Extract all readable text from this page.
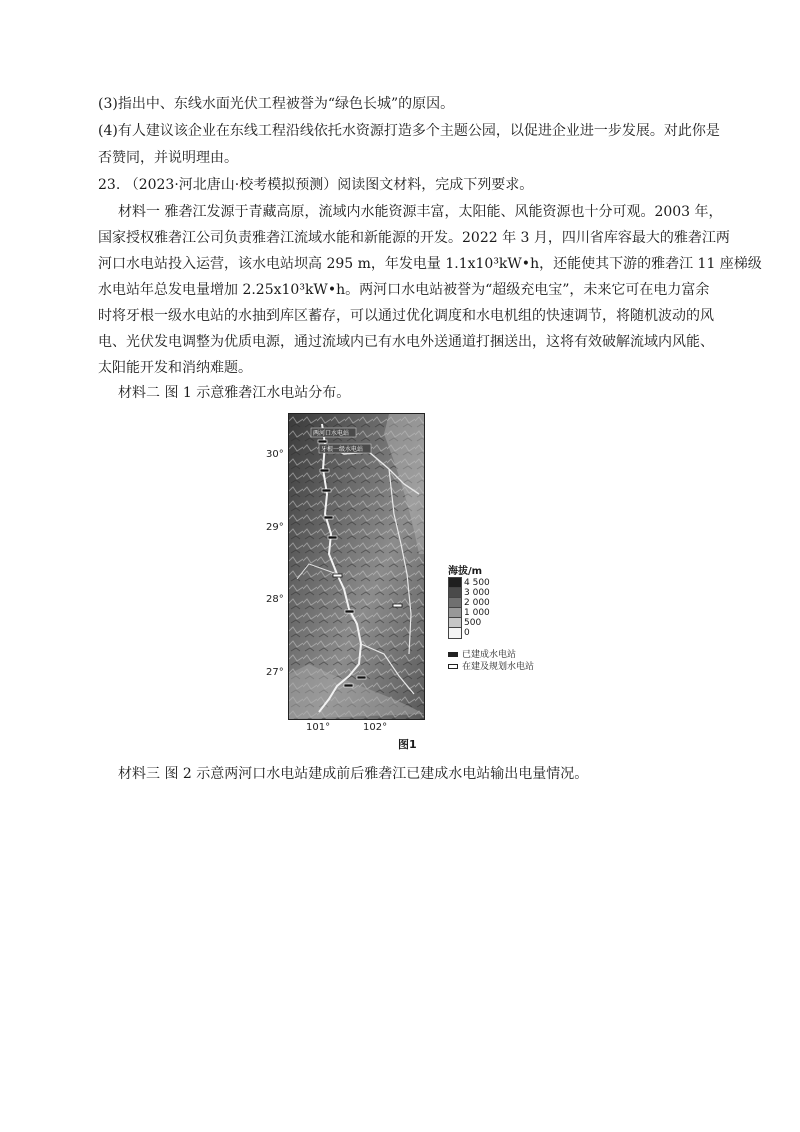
(3)指出中、东线水面光伏工程被誉为“绿色长城”的原因。
(4)有人建议该企业在东线工程沿线依托水资源打造多个主题公园，以促进企业进一步发展。对此你是
否赞同，并说明理由。
23. （2023·河北唐山·校考模拟预测）阅读图文材料，完成下列要求。
材料一 雅砻江发源于青藏高原，流域内水能资源丰富，太阳能、风能资源也十分可观。2003 年，
国家授权雅砻江公司负责雅砻江流域水能和新能源的开发。2022 年 3 月，四川省库容最大的雅砻江两
河口水电站投入运营，该水电站坝高 295 m，年发电量 1.1x10³kW•h，还能使其下游的雅砻江 11 座梯级
水电站年总发电量增加 2.25x10³kW•h。两河口水电站被誉为“超级充电宝”，未来它可在电力富余
时将牙根一级水电站的水抽到库区蓄存，可以通过优化调度和水电机组的快速调节，将随机波动的风
电、光伏发电调整为优质电源，通过流域内已有水电外送通道打捆送出，这将有效破解流域内风能、
太阳能开发和消纳难题。
材料二 图 1 示意雅砻江水电站分布。
两河口水电站
牙根一级水电站
30°
29°
28°
27°
101°	102°
海拔/m
4 500
3 000
2 000
1 000
500
0
已建成水电站
在建及规划水电站
图1
材料三 图 2 示意两河口水电站建成前后雅砻江已建成水电站输出电量情况。
